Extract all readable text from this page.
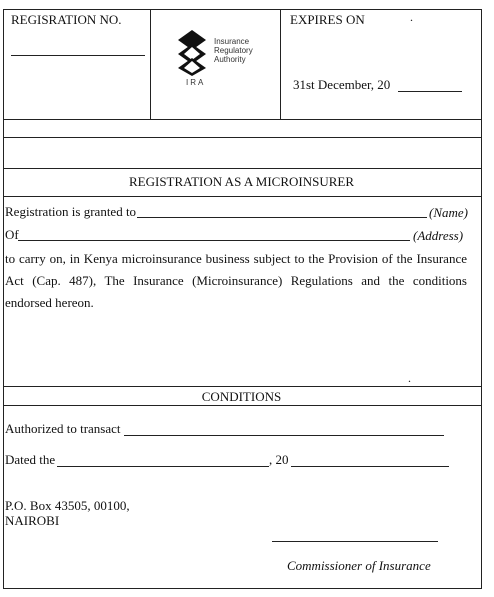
REGISRATION NO.
Insurance
Regulatory
Authority
IRA
EXPIRES ON	.
31st December, 20
REGISTRATION AS A MICROINSURER
Registration is granted to	(Name)
Of	(Address)
to carry on, in Kenya microinsurance business subject to the Provision of the Insurance Act (Cap. 487), The Insurance (Microinsurance) Regulations and the conditions endorsed hereon.
.
CONDITIONS
Authorized to transact
Dated the	, 20
P.O. Box 43505, 00100,
NAIROBI
Commissioner of Insurance
